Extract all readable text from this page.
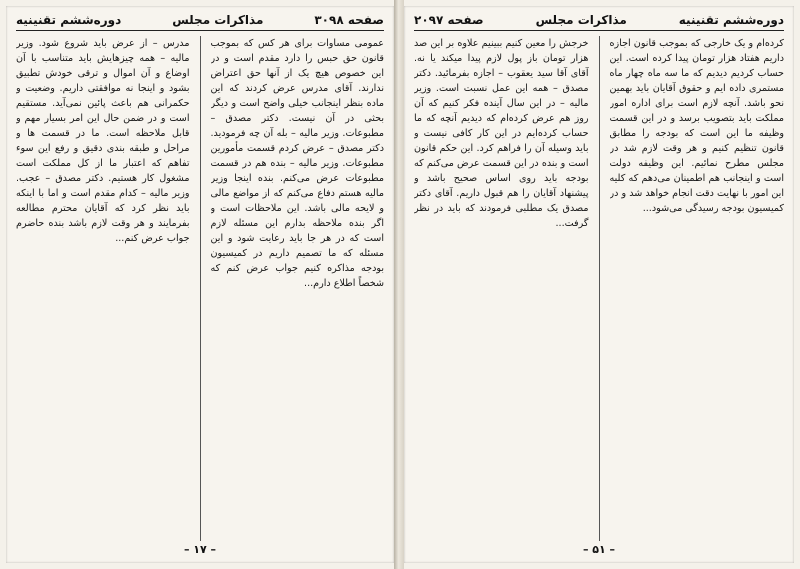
صفحه ۳۰۹۸
مذاکرات مجلس
دوره‌ششم تقنینیه

عمومی مساوات برای هر کس که بموجب قانون حق حبس را دارد مقدم است و در این خصوص هیچ یک از آنها حق اعتراض ندارند. آقای مدرس عرض کردند که این ماده بنظر اینجانب خیلی واضح است و دیگر بحثی در آن نیست. دکتر مصدق – مطبوعات. وزیر مالیه – بله آن چه فرمودید. دکتر مصدق – عرض کردم قسمت مأمورین مطبوعات. وزیر مالیه – بنده هم در قسمت مطبوعات عرض می‌کنم. بنده اینجا وزیر مالیه هستم دفاع می‌کنم که از مواضع مالی و لایحه مالی باشد. این ملاحظات است و اگر بنده ملاحظه بدارم این مسئله لازم است که در هر جا باید رعایت شود و این مسئله که ما تصمیم داریم در کمیسیون بودجه مذاکره کنیم جواب عرض کنم که شخصاً اطلاع دارم...

مدرس – از عرض باید شروع شود. وزیر مالیه – همه چیزهایش باید متناسب با آن اوضاع و آن اموال و ترقی خودش تطبیق بشود و اینجا نه موافقتی داریم. وضعیت و حکمرانی هم باعث پائین نمی‌آید. مستقیم است و در ضمن حال این امر بسیار مهم و قابل ملاحظه است. ما در قسمت ها و مراحل و طبقه بندی دقیق و رفع این سوء تفاهم که اعتبار ما از کل مملکت است مشغول کار هستیم. دکتر مصدق – عجب. وزیر مالیه – کدام مقدم است و اما با اینکه باید نظر کرد که آقایان محترم مطالعه بفرمایند و هر وقت لازم باشد بنده حاضرم جواب عرض کنم...

– ۱۷ –
دوره‌ششم تقنینیه
مذاکرات مجلس
صفحه ۲۰۹۷

کرده‌ام و یک خارجی که بموجب قانون اجازه داریم هفتاد هزار تومان پیدا کرده است. این حساب کردیم دیدیم که ما سه ماه چهار ماه مستمری داده ایم و حقوق آقایان باید بهمین نحو باشد. آنچه لازم است برای اداره امور مملکت باید بتصویب برسد و در این قسمت وظیفه ما این است که بودجه را مطابق قانون تنظیم کنیم و هر وقت لازم شد در مجلس مطرح نمائیم. این وظیفه دولت است و اینجانب هم اطمینان می‌دهم که کلیه این امور با نهایت دقت انجام خواهد شد و در کمیسیون بودجه رسیدگی می‌شود...

خرجش را معین کنیم ببینیم علاوه بر این صد هزار تومان باز پول لازم پیدا میکند یا نه. آقای آقا سید یعقوب – اجازه بفرمائید. دکتر مصدق – همه این عمل نسبت است. وزیر مالیه – در این سال آینده فکر کنیم که آن روز هم عرض کرده‌ام که دیدیم آنچه که ما حساب کرده‌ایم در این کار کافی نیست و باید وسیله آن را فراهم کرد. این حکم قانون است و بنده در این قسمت عرض می‌کنم که بودجه باید روی اساس صحیح باشد و پیشنهاد آقایان را هم قبول داریم. آقای دکتر مصدق یک مطلبی فرمودند که باید در نظر گرفت...

– ۵۱ –
